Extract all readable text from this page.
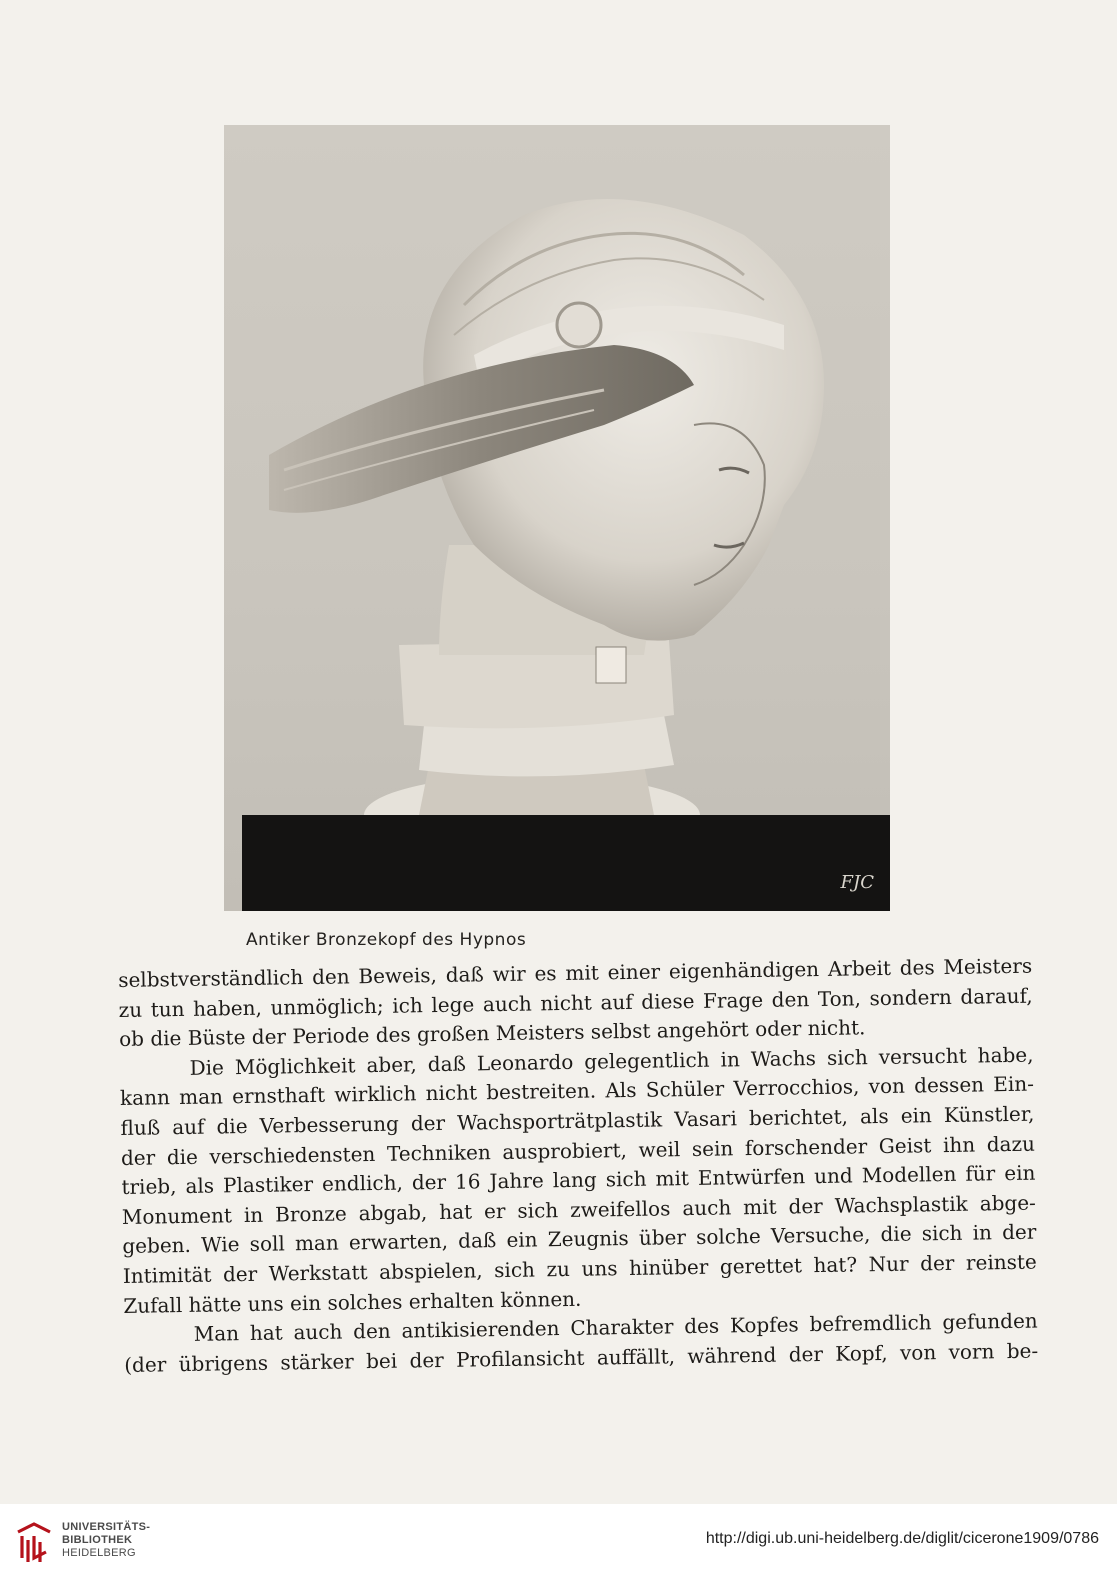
FJC
Antiker Bronzekopf des Hypnos
selbstverständlich den Beweis, daß wir es mit einer eigenhändigen Arbeit des Meisters
zu tun haben, unmöglich; ich lege auch nicht auf diese Frage den Ton, sondern darauf,
ob die Büste der Periode des großen Meisters selbst angehört oder nicht.
Die Möglichkeit aber, daß Leonardo gelegentlich in Wachs sich versucht habe,
kann man ernsthaft wirklich nicht bestreiten. Als Schüler Verrocchios, von dessen Ein-
fluß auf die Verbesserung der Wachsporträtplastik Vasari berichtet, als ein Künstler,
der die verschiedensten Techniken ausprobiert, weil sein forschender Geist ihn dazu
trieb, als Plastiker endlich, der 16 Jahre lang sich mit Entwürfen und Modellen für ein
Monument in Bronze abgab, hat er sich zweifellos auch mit der Wachsplastik abge-
geben. Wie soll man erwarten, daß ein Zeugnis über solche Versuche, die sich in der
Intimität der Werkstatt abspielen, sich zu uns hinüber gerettet hat? Nur der reinste
Zufall hätte uns ein solches erhalten können.
Man hat auch den antikisierenden Charakter des Kopfes befremdlich gefunden
(der übrigens stärker bei der Profilansicht auffällt, während der Kopf, von vorn be-
UNIVERSITÄTS-
BIBLIOTHEK
HEIDELBERG
http://digi.ub.uni-heidelberg.de/diglit/cicerone1909/0786
